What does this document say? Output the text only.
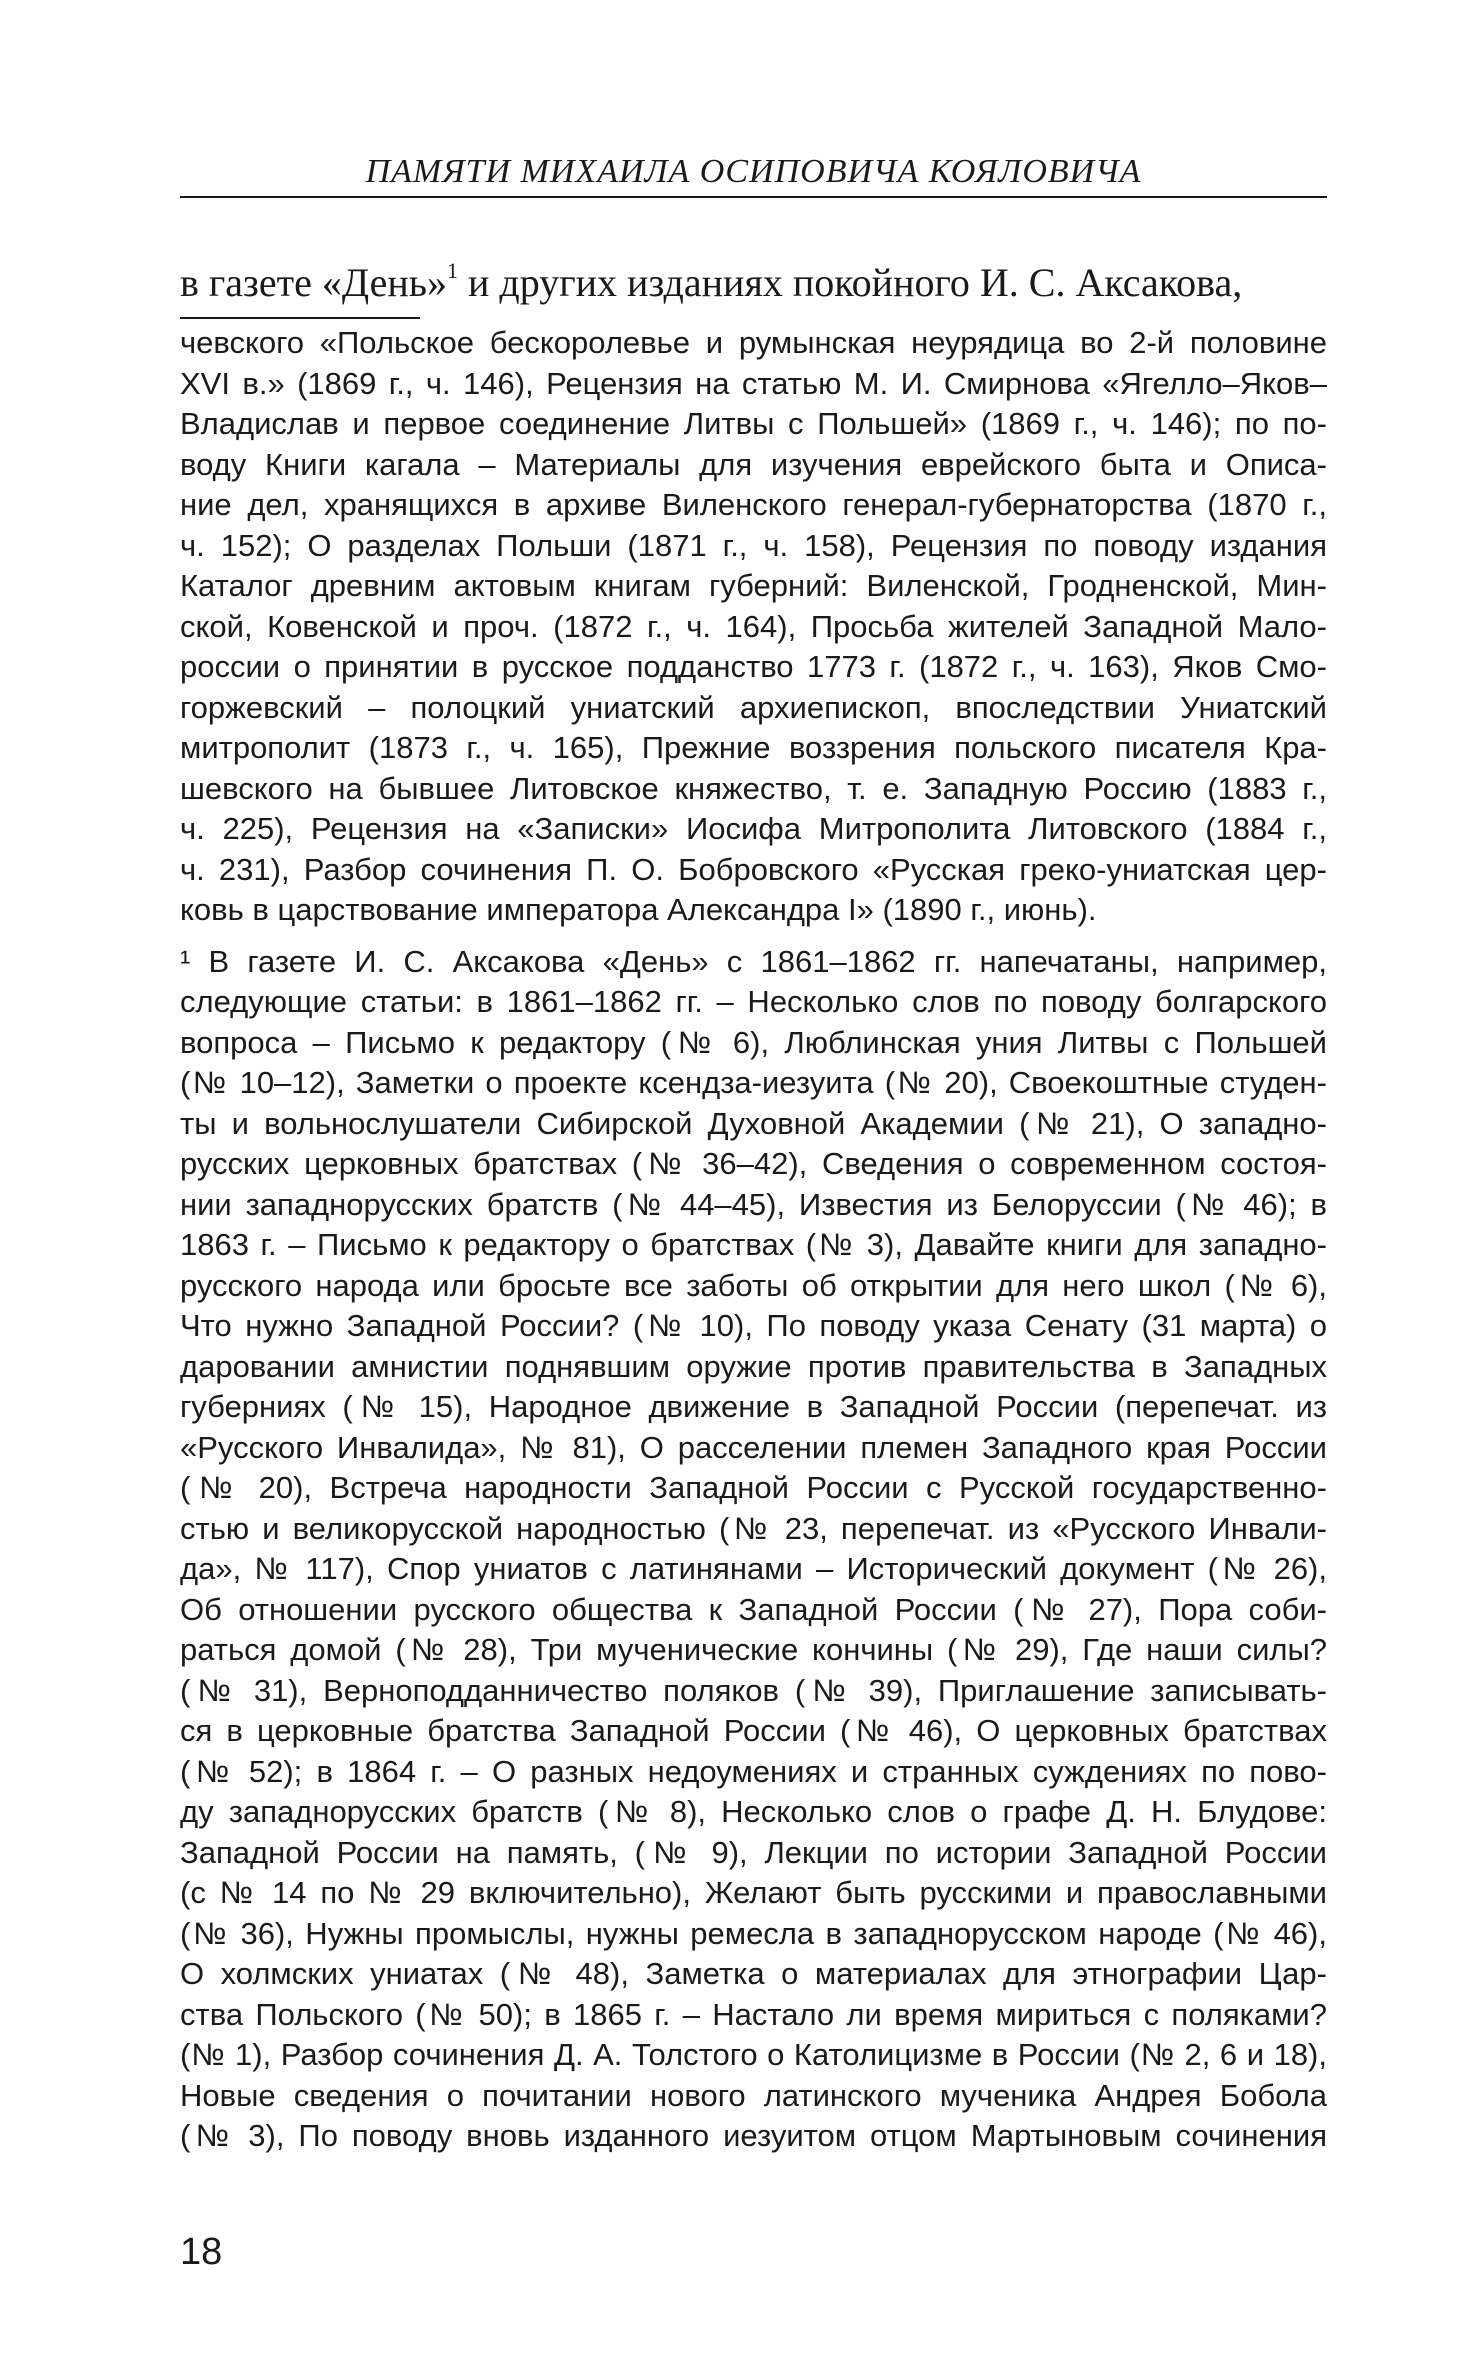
ПАМЯТИ МИХАИЛА ОСИПОВИЧА КОЯЛОВИЧА
в газете «День»$^1$ и других изданиях покойного И. С. Аксакова,
чевского «Польское бескоролевье и румынская неурядица во 2-й половине
XVI в.» (1869 г., ч. 146), Рецензия на статью М. И. Смирнова «Ягелло–Яков–
Владислав и первое соединение Литвы с Польшей» (1869 г., ч. 146); по по-
воду Книги кагала – Материалы для изучения еврейского быта и Описа-
ние дел, хранящихся в архиве Виленского генерал-губернаторства (1870 г.,
ч. 152); О разделах Польши (1871 г., ч. 158), Рецензия по поводу издания
Каталог древним актовым книгам губерний: Виленской, Гродненской, Мин-
ской, Ковенской и проч. (1872 г., ч. 164), Просьба жителей Западной Мало-
россии о принятии в русское подданство 1773 г. (1872 г., ч. 163), Яков Смо-
горжевский – полоцкий униатский архиепископ, впоследствии Униатский
митрополит (1873 г., ч. 165), Прежние воззрения польского писателя Кра-
шевского на бывшее Литовское княжество, т. е. Западную Россию (1883 г.,
ч. 225), Рецензия на «Записки» Иосифа Митрополита Литовского (1884 г.,
ч. 231), Разбор сочинения П. О. Бобровского «Русская греко-униатская цер-
ковь в царствование императора Александра I» (1890 г., июнь).
¹ В газете И. С. Аксакова «День» с 1861–1862 гг. напечатаны, например,
следующие статьи: в 1861–1862 гг. – Несколько слов по поводу болгарского
вопроса – Письмо к редактору (№ 6), Люблинская уния Литвы с Польшей
(№ 10–12), Заметки о проекте ксендза-иезуита (№ 20), Своекоштные студен-
ты и вольнослушатели Сибирской Духовной Академии (№ 21), О западно-
русских церковных братствах (№ 36–42), Сведения о современном состоя-
нии западнорусских братств (№ 44–45), Известия из Белоруссии (№ 46); в
1863 г. – Письмо к редактору о братствах (№ 3), Давайте книги для западно-
русского народа или бросьте все заботы об открытии для него школ (№ 6),
Что нужно Западной России? (№ 10), По поводу указа Сенату (31 марта) о
даровании амнистии поднявшим оружие против правительства в Западных
губерниях (№ 15), Народное движение в Западной России (перепечат. из
«Русского Инвалида», № 81), О расселении племен Западного края России
(№ 20), Встреча народности Западной России с Русской государственно-
стью и великорусской народностью (№ 23, перепечат. из «Русского Инвали-
да», № 117), Спор униатов с латинянами – Исторический документ (№ 26),
Об отношении русского общества к Западной России (№ 27), Пора соби-
раться домой (№ 28), Три мученические кончины (№ 29), Где наши силы?
(№ 31), Верноподданничество поляков (№ 39), Приглашение записывать-
ся в церковные братства Западной России (№ 46), О церковных братствах
(№ 52); в 1864 г. – О разных недоумениях и странных суждениях по пово-
ду западнорусских братств (№ 8), Несколько слов о графе Д. Н. Блудове:
Западной России на память, (№ 9), Лекции по истории Западной России
(с № 14 по № 29 включительно), Желают быть русскими и православными
(№ 36), Нужны промыслы, нужны ремесла в западнорусском народе (№ 46),
О холмских униатах (№ 48), Заметка о материалах для этнографии Цар-
ства Польского (№ 50); в 1865 г. – Настало ли время мириться с поляками?
(№ 1), Разбор сочинения Д. А. Толстого о Католицизме в России (№ 2, 6 и 18),
Новые сведения о почитании нового латинского мученика Андрея Бобола
(№ 3), По поводу вновь изданного иезуитом отцом Мартыновым сочинения
18
